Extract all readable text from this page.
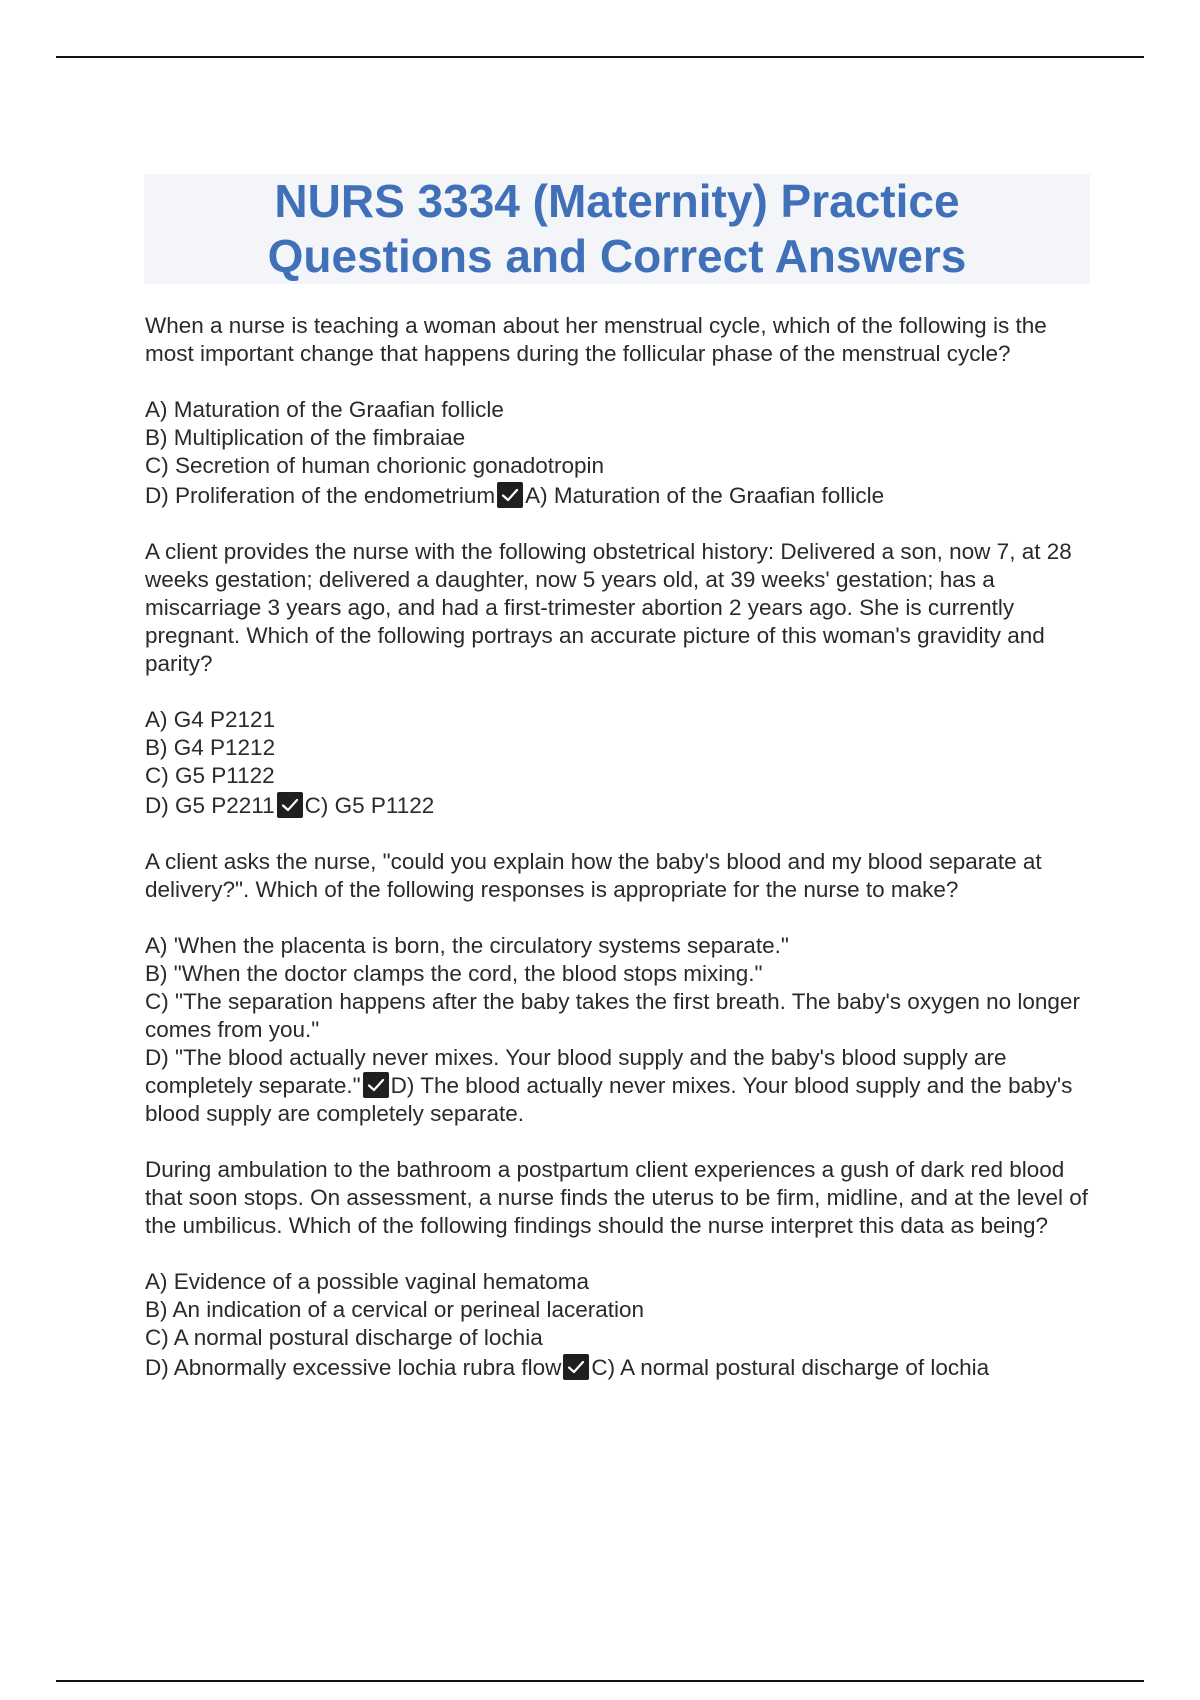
NURS 3334 (Maternity) Practice
Questions and Correct Answers
When a nurse is teaching a woman about her menstrual cycle, which of the following is the most important change that happens during the follicular phase of the menstrual cycle?
A) Maturation of the Graafian follicle
B) Multiplication of the fimbraiae
C) Secretion of human chorionic gonadotropin
D) Proliferation of the endometrium A) Maturation of the Graafian follicle
A client provides the nurse with the following obstetrical history: Delivered a son, now 7, at 28 weeks gestation; delivered a daughter, now 5 years old, at 39 weeks' gestation; has a miscarriage 3 years ago, and had a first-trimester abortion 2 years ago. She is currently pregnant. Which of the following portrays an accurate picture of this woman's gravidity and parity?
A) G4 P2121
B) G4 P1212
C) G5 P1122
D) G5 P2211 C) G5 P1122
A client asks the nurse, "could you explain how the baby's blood and my blood separate at delivery?". Which of the following responses is appropriate for the nurse to make?
A) 'When the placenta is born, the circulatory systems separate."
B) "When the doctor clamps the cord, the blood stops mixing."
C) "The separation happens after the baby takes the first breath. The baby's oxygen no longer comes from you."
D) "The blood actually never mixes. Your blood supply and the baby's blood supply are completely separate." D) The blood actually never mixes. Your blood supply and the baby's blood supply are completely separate.
During ambulation to the bathroom a postpartum client experiences a gush of dark red blood that soon stops. On assessment, a nurse finds the uterus to be firm, midline, and at the level of the umbilicus. Which of the following findings should the nurse interpret this data as being?
A) Evidence of a possible vaginal hematoma
B) An indication of a cervical or perineal laceration
C) A normal postural discharge of lochia
D) Abnormally excessive lochia rubra flow C) A normal postural discharge of lochia
